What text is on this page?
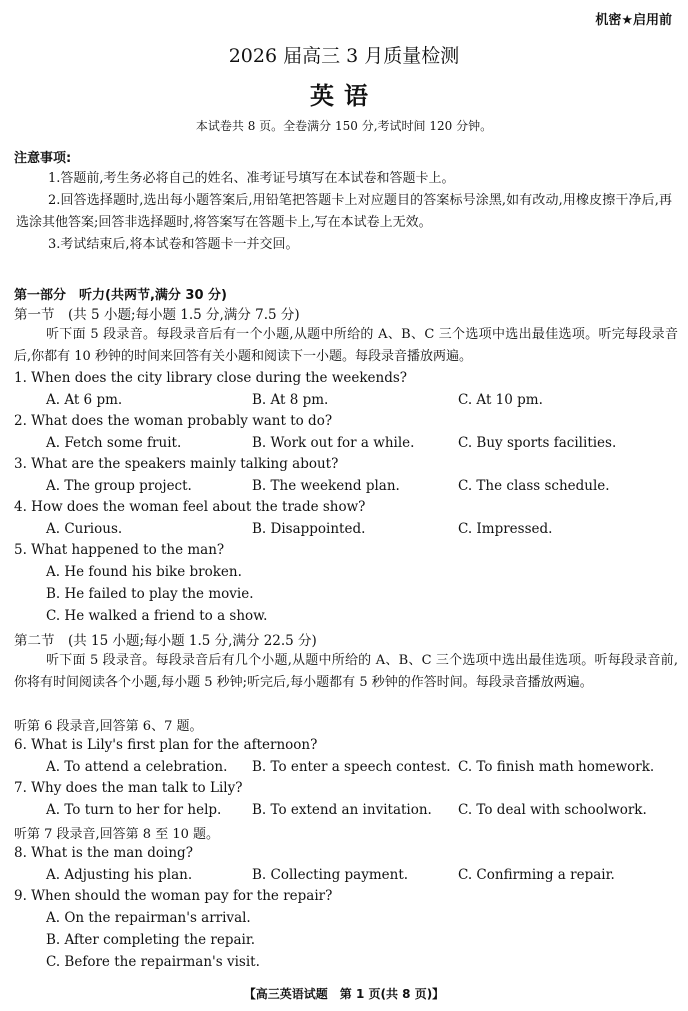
机密★启用前
2026 届高三 3 月质量检测
英语
本试卷共 8 页。全卷满分 150 分,考试时间 120 分钟。
注意事项:
1.答题前,考生务必将自己的姓名、准考证号填写在本试卷和答题卡上。
2.回答选择题时,选出每小题答案后,用铅笔把答题卡上对应题目的答案标号涂黑,如有改动,用橡皮擦干净后,再选涂其他答案;回答非选择题时,将答案写在答题卡上,写在本试卷上无效。
3.考试结束后,将本试卷和答题卡一并交回。
第一部分　听力(共两节,满分 30 分)
第一节　(共 5 小题;每小题 1.5 分,满分 7.5 分)
听下面 5 段录音。每段录音后有一个小题,从题中所给的 A、B、C 三个选项中选出最佳选项。听完每段录音后,你都有 10 秒钟的时间来回答有关小题和阅读下一小题。每段录音播放两遍。
1. When does the city library close during the weekends?
A. At 6 pm.	B. At 8 pm.	C. At 10 pm.
2. What does the woman probably want to do?
A. Fetch some fruit.	B. Work out for a while.	C. Buy sports facilities.
3. What are the speakers mainly talking about?
A. The group project.	B. The weekend plan.	C. The class schedule.
4. How does the woman feel about the trade show?
A. Curious.	B. Disappointed.	C. Impressed.
5. What happened to the man?
A. He found his bike broken.
B. He failed to play the movie.
C. He walked a friend to a show.
第二节　(共 15 小题;每小题 1.5 分,满分 22.5 分)
听下面 5 段录音。每段录音后有几个小题,从题中所给的 A、B、C 三个选项中选出最佳选项。听每段录音前,你将有时间阅读各个小题,每小题 5 秒钟;听完后,每小题都有 5 秒钟的作答时间。每段录音播放两遍。
听第 6 段录音,回答第 6、7 题。
6. What is Lily's first plan for the afternoon?
A. To attend a celebration. B. To enter a speech contest. C. To finish math homework.
7. Why does the man talk to Lily?
A. To turn to her for help. B. To extend an invitation. C. To deal with schoolwork.
听第 7 段录音,回答第 8 至 10 题。
8. What is the man doing?
A. Adjusting his plan.	B. Collecting payment.	C. Confirming a repair.
9. When should the woman pay for the repair?
A. On the repairman's arrival.
B. After completing the repair.
C. Before the repairman's visit.
【高三英语试题　第 1 页(共 8 页)】
